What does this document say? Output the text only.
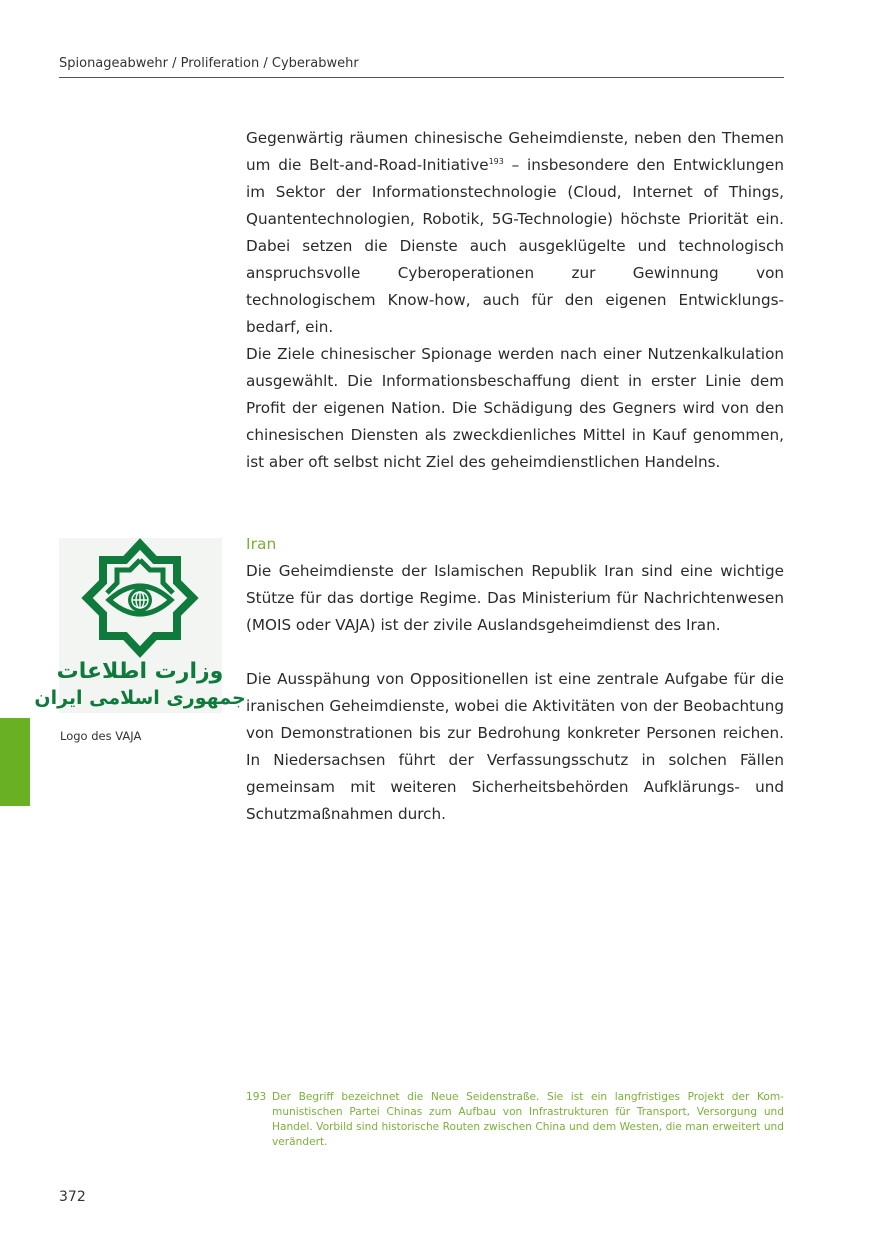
Spionageabwehr / Proliferation / Cyberabwehr

Gegenwärtig räumen chinesische Geheimdienste, neben den Themen um die Belt-and-Road-Initiative$^{193}$ – insbesondere den Entwicklungen im Sektor der Informationstechnologie (Cloud, Internet of Things, Quantentechnologien, Robotik, 5G-Technologie) höchste Priorität ein. Dabei setzen die Dienste auch ausgeklügelte und technologisch anspruchsvolle Cyberoperationen zur Gewinnung von technologischem Know-how, auch für den eigenen Entwicklungsbedarf, ein.

Die Ziele chinesischer Spionage werden nach einer Nutzenkalkulation ausgewählt. Die Informationsbeschaffung dient in erster Linie dem Profit der eigenen Nation. Die Schädigung des Gegners wird von den chinesischen Diensten als zweckdienliches Mittel in Kauf genommen, ist aber oft selbst nicht Ziel des geheimdienstlichen Handelns.

وزارت اطلاعات
جمهوری اسلامی ایران
Logo des VAJA

Iran

Die Geheimdienste der Islamischen Republik Iran sind eine wichtige Stütze für das dortige Regime. Das Ministerium für Nachrichtenwesen (MOIS oder VAJA) ist der zivile Auslandsgeheimdienst des Iran.

Die Ausspähung von Oppositionellen ist eine zentrale Aufgabe für die iranischen Geheimdienste, wobei die Aktivitäten von der Beobachtung von Demonstrationen bis zur Bedrohung konkreter Personen reichen. In Niedersachsen führt der Verfassungsschutz in solchen Fällen gemeinsam mit weiteren Sicherheitsbehörden Aufklärungs- und Schutzmaßnahmen durch.

193 Der Begriff bezeichnet die Neue Seidenstraße. Sie ist ein langfristiges Projekt der Kommunistischen Partei Chinas zum Aufbau von Infrastrukturen für Transport, Versorgung und Handel. Vorbild sind historische Routen zwischen China und dem Westen, die man erweitert und verändert.
372
